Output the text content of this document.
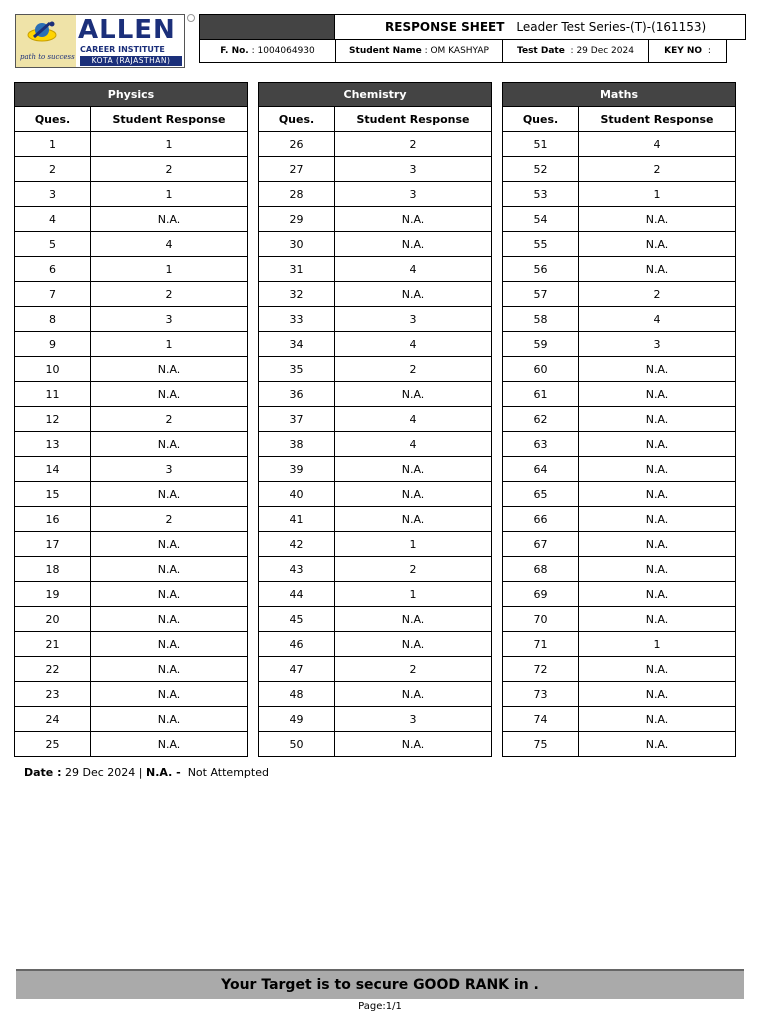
path to success
ALLEN
CAREER INSTITUTE
KOTA (RAJASTHAN)
RESPONSE SHEET Leader Test Series-(T)-(161153)
F. No. : 1004064930	Student Name : OM KASHYAP	Test Date  : 29 Dec 2024	KEY NO  :
Physics	
Ques.	Student Response
1	1
2	2
3	1
4	N.A.
5	4
6	1
7	2
8	3
9	1
10	N.A.
11	N.A.
12	2
13	N.A.
14	3
15	N.A.
16	2
17	N.A.
18	N.A.
19	N.A.
20	N.A.
21	N.A.
22	N.A.
23	N.A.
24	N.A.
25	N.A.
Chemistry	
Ques.	Student Response
26	2
27	3
28	3
29	N.A.
30	N.A.
31	4
32	N.A.
33	3
34	4
35	2
36	N.A.
37	4
38	4
39	N.A.
40	N.A.
41	N.A.
42	1
43	2
44	1
45	N.A.
46	N.A.
47	2
48	N.A.
49	3
50	N.A.
Maths	
Ques.	Student Response
51	4
52	2
53	1
54	N.A.
55	N.A.
56	N.A.
57	2
58	4
59	3
60	N.A.
61	N.A.
62	N.A.
63	N.A.
64	N.A.
65	N.A.
66	N.A.
67	N.A.
68	N.A.
69	N.A.
70	N.A.
71	1
72	N.A.
73	N.A.
74	N.A.
75	N.A.
Date : 29 Dec 2024 | N.A. - Not Attempted
Your Target is to secure GOOD RANK in .
Page:1/1
